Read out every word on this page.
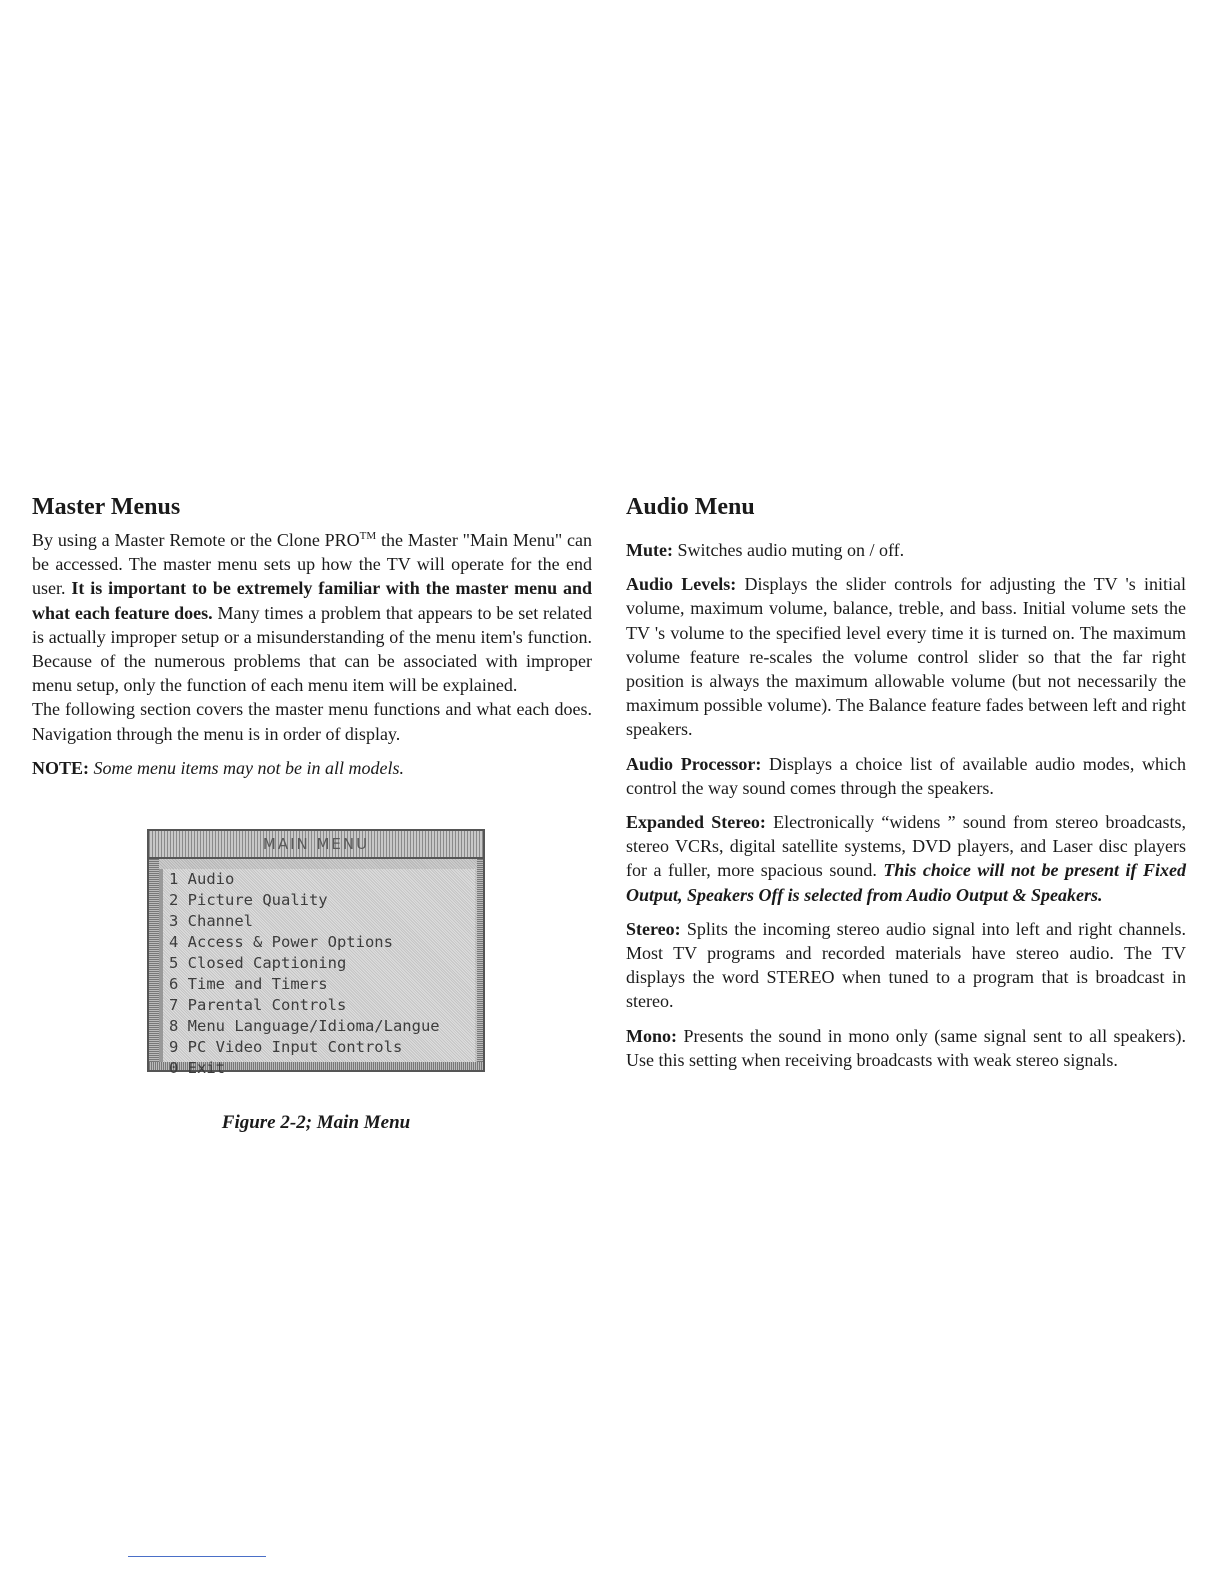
Master Menus

By using a Master Remote or the Clone PRO™ the Master "Main Menu" can be accessed. The master menu sets up how the TV will operate for the end user. It is important to be extremely familiar with the master menu and what each feature does. Many times a problem that appears to be set related is actually improper setup or a misunderstanding of the menu item's function. Because of the numerous problems that can be associated with improper menu setup, only the function of each menu item will be explained.

The following section covers the master menu functions and what each does. Navigation through the menu is in order of display.

NOTE: Some menu items may not be in all models.

MAIN MENU
1 Audio
2 Picture Quality
3 Channel
4 Access & Power Options
5 Closed Captioning
6 Time and Timers
7 Parental Controls
8 Menu Language/Idioma/Langue
9 PC Video Input Controls
0 Exit
Figure 2-2; Main Menu
Audio Menu

Mute: Switches audio muting on / off.

Audio Levels: Displays the slider controls for adjusting the TV 's initial volume, maximum volume, balance, treble, and bass. Initial volume sets the TV 's volume to the specified level every time it is turned on. The maximum volume feature re-scales the volume control slider so that the far right position is always the maximum allowable volume (but not necessarily the maximum possible volume). The Balance feature fades between left and right speakers.

Audio Processor: Displays a choice list of available audio modes, which control the way sound comes through the speakers.

Expanded Stereo: Electronically “widens ” sound from stereo broadcasts, stereo VCRs, digital satellite systems, DVD players, and Laser disc players for a fuller, more spacious sound. This choice will not be present if Fixed Output, Speakers Off is selected from Audio Output & Speakers.

Stereo: Splits the incoming stereo audio signal into left and right channels. Most TV programs and recorded materials have stereo audio. The TV displays the word STEREO when tuned to a program that is broadcast in stereo.

Mono: Presents the sound in mono only (same signal sent to all speakers). Use this setting when receiving broadcasts with weak stereo signals.
